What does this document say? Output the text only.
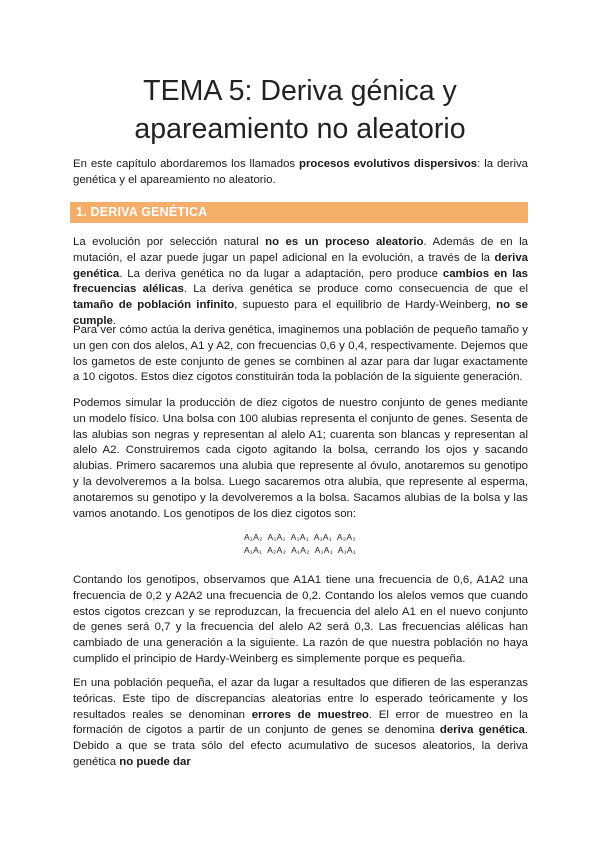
TEMA 5: Deriva génica y
apareamiento no aleatorio

En este capítulo abordaremos los llamados procesos evolutivos dispersivos: la deriva genética y el apareamiento no aleatorio.

1. DERIVA GENÉTICA

La evolución por selección natural no es un proceso aleatorio. Además de en la mutación, el azar puede jugar un papel adicional en la evolución, a través de la deriva genética. La deriva genética no da lugar a adaptación, pero produce cambios en las frecuencias alélicas. La deriva genética se produce como consecuencia de que el tamaño de población infinito, supuesto para el equilibrio de Hardy-Weinberg, no se cumple.

Para ver cómo actúa la deriva genética, imaginemos una población de pequeño tamaño y un gen con dos alelos, A1 y A2, con frecuencias 0,6 y 0,4, respectivamente. Dejemos que los gametos de este conjunto de genes se combinen al azar para dar lugar exactamente a 10 cigotos. Estos diez cigotos constituirán toda la población de la siguiente generación.

Podemos simular la producción de diez cigotos de nuestro conjunto de genes mediante un modelo físico. Una bolsa con 100 alubias representa el conjunto de genes. Sesenta de las alubias son negras y representan al alelo A1; cuarenta son blancas y representan al alelo A2. Construiremos cada cigoto agitando la bolsa, cerrando los ojos y sacando alubias. Primero sacaremos una alubia que represente al óvulo, anotaremos su genotipo y la devolveremos a la bolsa. Luego sacaremos otra alubia, que represente al esperma, anotaremos su genotipo y la devolveremos a la bolsa. Sacamos alubias de la bolsa y las vamos anotando. Los genotipos de los diez cigotos son:

A₁A₂  A₁A₁  A₁A₁  A₁A₁  A₂A₂
A₁A₁  A₂A₂  A₁A₂  A₁A₁  A₁A₁

Contando los genotipos, observamos que A1A1 tiene una frecuencia de 0,6, A1A2 una frecuencia de 0,2 y A2A2 una frecuencia de 0,2. Contando los alelos vemos que cuando estos cigotos crezcan y se reproduzcan, la frecuencia del alelo A1 en el nuevo conjunto de genes será 0,7 y la frecuencia del alelo A2 será 0,3. Las frecuencias alélicas han cambiado de una generación a la siguiente. La razón de que nuestra población no haya cumplido el principio de Hardy-Weinberg es simplemente porque es pequeña.

En una población pequeña, el azar da lugar a resultados que difieren de las esperanzas teóricas. Este tipo de discrepancias aleatorias entre lo esperado teóricamente y los resultados reales se denominan errores de muestreo. El error de muestreo en la formación de cigotos a partir de un conjunto de genes se denomina deriva genética. Debido a que se trata sólo del efecto acumulativo de sucesos aleatorios, la deriva genética no puede dar
